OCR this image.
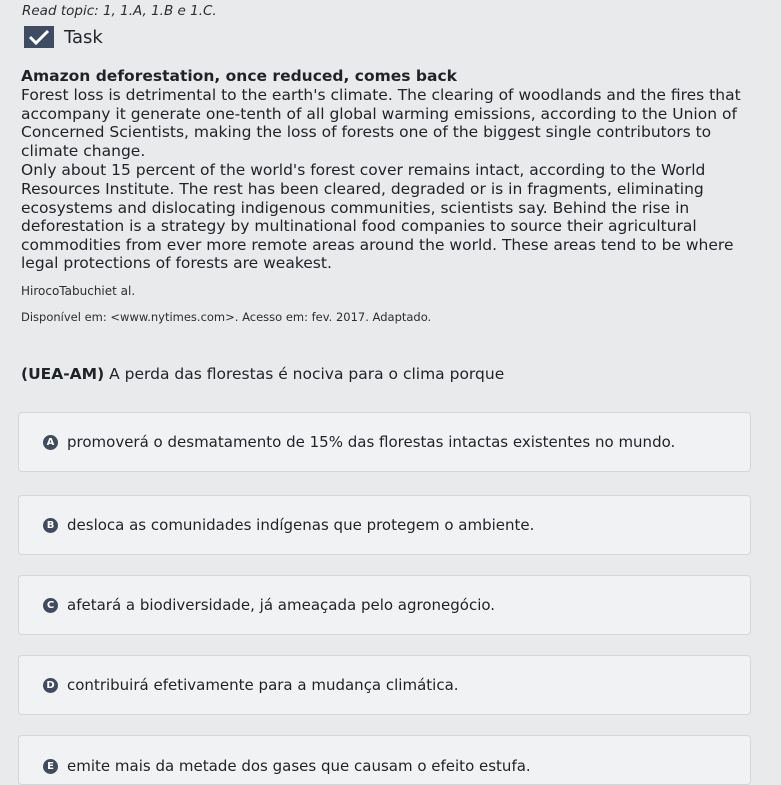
Read topic: 1, 1.A, 1.B e 1.C.
Task
Amazon deforestation, once reduced, comes back

Forest loss is detrimental to the earth's climate. The clearing of woodlands and the fires that accompany it generate one-tenth of all global warming emissions, according to the Union of Concerned Scientists, making the loss of forests one of the biggest single contributors to climate change.

Only about 15 percent of the world's forest cover remains intact, according to the World Resources Institute. The rest has been cleared, degraded or is in fragments, eliminating ecosystems and dislocating indigenous communities, scientists say. Behind the rise in deforestation is a strategy by multinational food companies to source their agricultural commodities from ever more remote areas around the world. These areas tend to be where legal protections of forests are weakest.

HirocoTabuchiet al.
Disponível em: <www.nytimes.com>. Acesso em: fev. 2017. Adaptado.
(UEA-AM) A perda das florestas é nociva para o clima porque
A promoverá o desmatamento de 15% das florestas intactas existentes no mundo.
B desloca as comunidades indígenas que protegem o ambiente.
C afetará a biodiversidade, já ameaçada pelo agronegócio.
D contribuirá efetivamente para a mudança climática.
E emite mais da metade dos gases que causam o efeito estufa.
